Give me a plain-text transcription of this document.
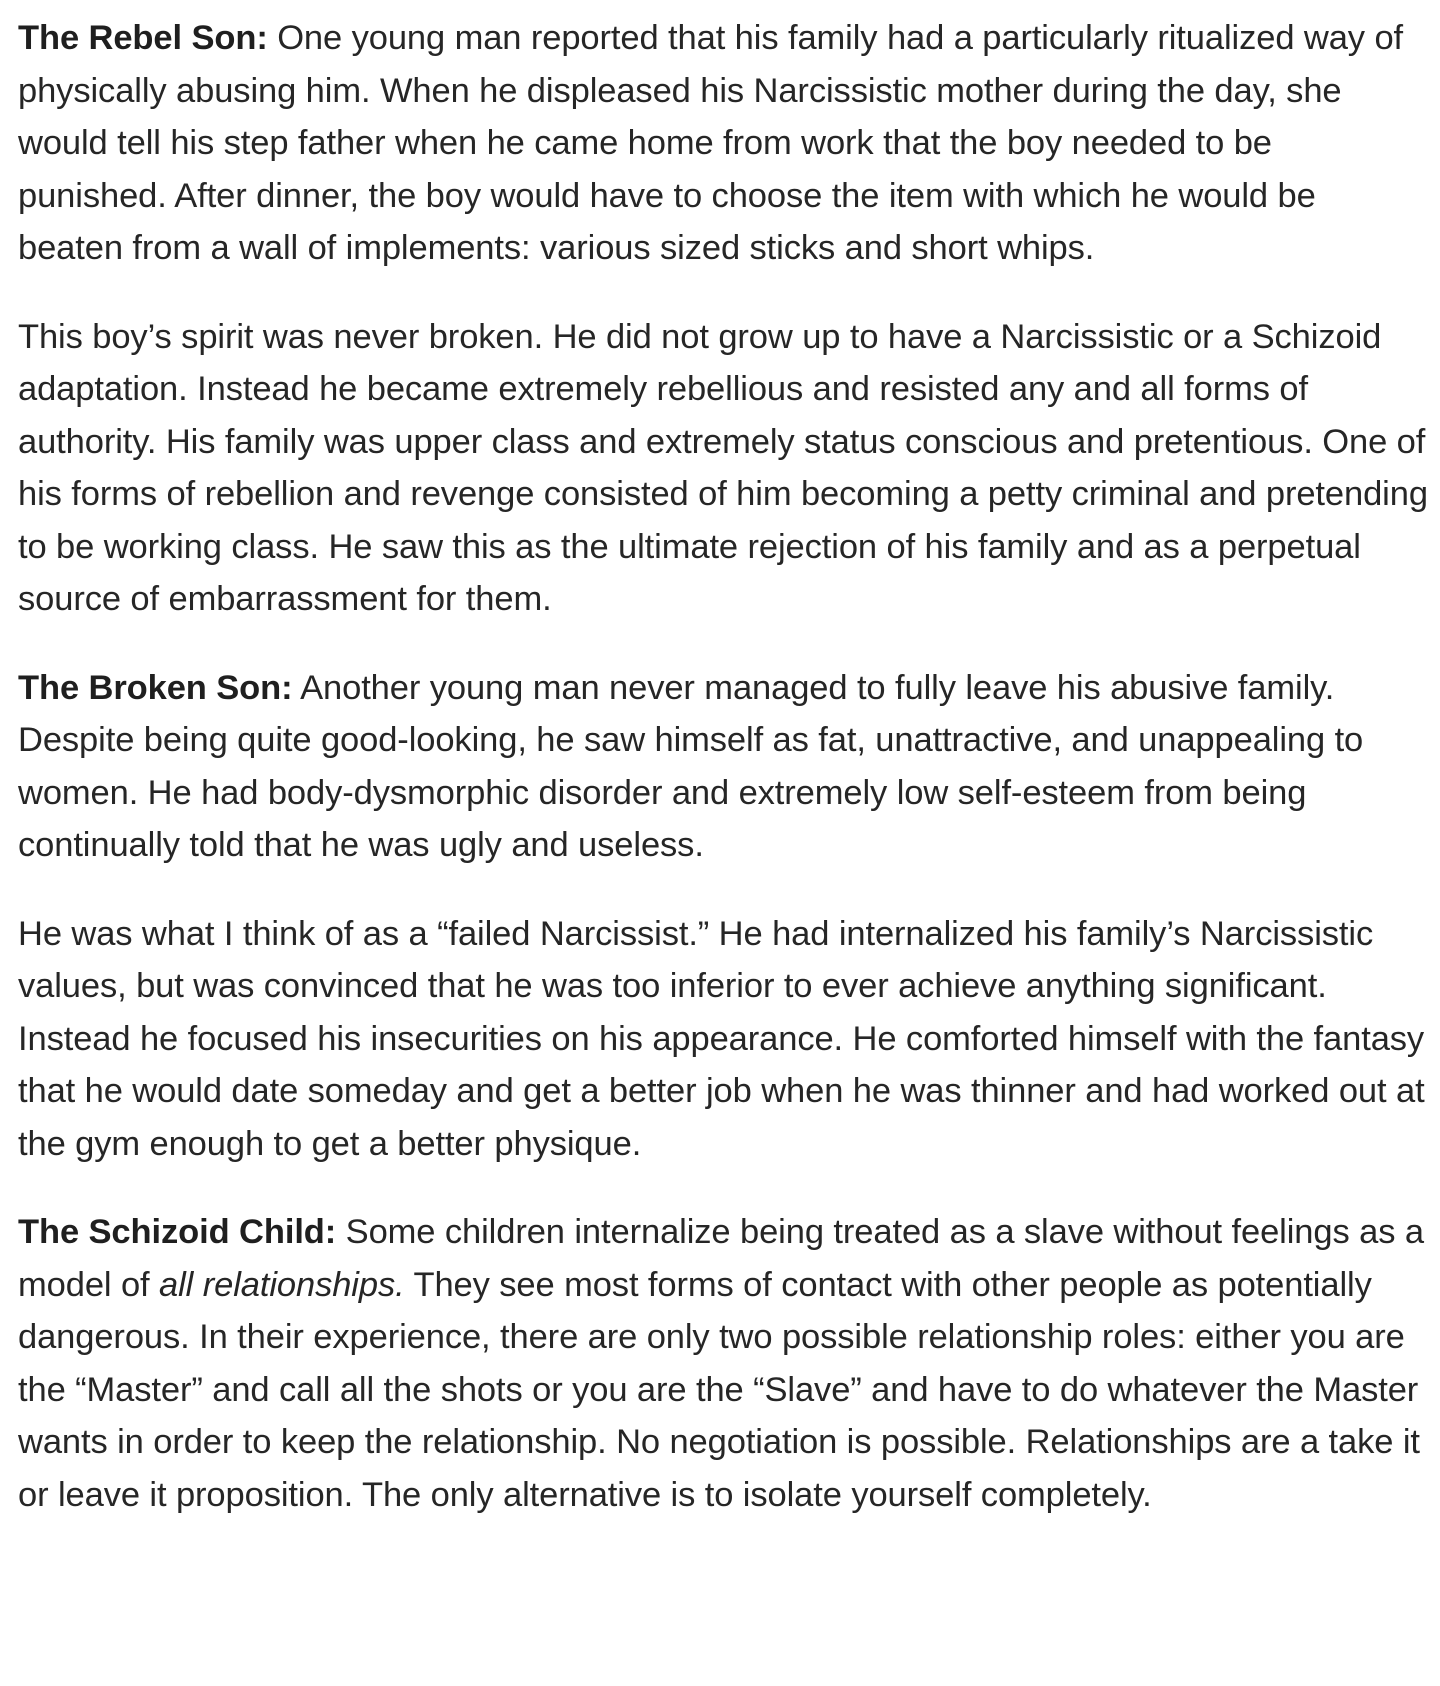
The Rebel Son: One young man reported that his family had a particularly ritualized way of physically abusing him. When he displeased his Narcissistic mother during the day, she would tell his step father when he came home from work that the boy needed to be punished. After dinner, the boy would have to choose the item with which he would be beaten from a wall of implements: various sized sticks and short whips.

This boy’s spirit was never broken. He did not grow up to have a Narcissistic or a Schizoid adaptation. Instead he became extremely rebellious and resisted any and all forms of authority. His family was upper class and extremely status conscious and pretentious. One of his forms of rebellion and revenge consisted of him becoming a petty criminal and pretending to be working class. He saw this as the ultimate rejection of his family and as a perpetual source of embarrassment for them.

The Broken Son: Another young man never managed to fully leave his abusive family. Despite being quite good-looking, he saw himself as fat, unattractive, and unappealing to women. He had body-dysmorphic disorder and extremely low self-esteem from being continually told that he was ugly and useless.

He was what I think of as a “failed Narcissist.” He had internalized his family’s Narcissistic values, but was convinced that he was too inferior to ever achieve anything significant. Instead he focused his insecurities on his appearance. He comforted himself with the fantasy that he would date someday and get a better job when he was thinner and had worked out at the gym enough to get a better physique.

The Schizoid Child: Some children internalize being treated as a slave without feelings as a model of all relationships. They see most forms of contact with other people as potentially dangerous. In their experience, there are only two possible relationship roles: either you are the “Master” and call all the shots or you are the “Slave” and have to do whatever the Master wants in order to keep the relationship. No negotiation is possible. Relationships are a take it or leave it proposition. The only alternative is to isolate yourself completely.
